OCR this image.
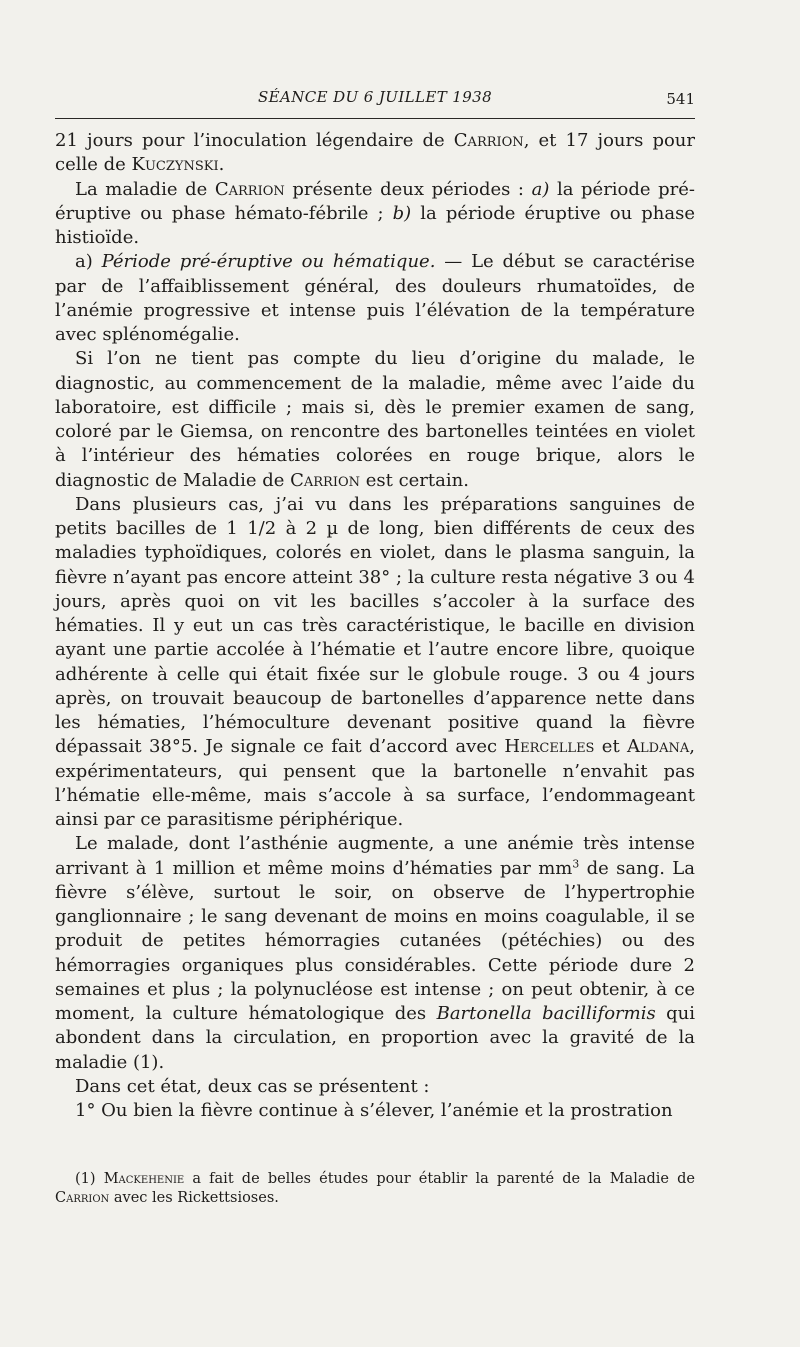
SÉANCE DU 6 JUILLET 1938	541

21 jours pour l’inoculation légendaire de Carrion, et 17 jours pour celle de Kuczynski.

La maladie de Carrion présente deux périodes : a) la période pré-éruptive ou phase hémato-fébrile ; b) la période éruptive ou phase histioïde.

a) Période pré-éruptive ou hématique. — Le début se caractérise par de l’affaiblissement général, des douleurs rhumatoïdes, de l’anémie progressive et intense puis l’élévation de la température avec splénomégalie.

Si l’on ne tient pas compte du lieu d’origine du malade, le diagnostic, au commencement de la maladie, même avec l’aide du laboratoire, est difficile ; mais si, dès le premier examen de sang, coloré par le Giemsa, on rencontre des bartonelles teintées en violet à l’intérieur des hématies colorées en rouge brique, alors le diagnostic de Maladie de Carrion est certain.

Dans plusieurs cas, j’ai vu dans les préparations sanguines de petits bacilles de 1 1/2 à 2 µ de long, bien différents de ceux des maladies typhoïdiques, colorés en violet, dans le plasma sanguin, la fièvre n’ayant pas encore atteint 38° ; la culture resta négative 3 ou 4 jours, après quoi on vit les bacilles s’accoler à la surface des hématies. Il y eut un cas très caractéristique, le bacille en division ayant une partie accolée à l’hématie et l’autre encore libre, quoique adhérente à celle qui était fixée sur le globule rouge. 3 ou 4 jours après, on trouvait beaucoup de bartonelles d’apparence nette dans les hématies, l’hémoculture devenant positive quand la fièvre dépassait 38°5. Je signale ce fait d’accord avec Hercelles et Aldana, expérimentateurs, qui pensent que la bartonelle n’envahit pas l’hématie elle-même, mais s’accole à sa surface, l’endommageant ainsi par ce parasitisme périphérique.

Le malade, dont l’asthénie augmente, a une anémie très intense arrivant à 1 million et même moins d’hématies par $mm^3$ de sang. La fièvre s’élève, surtout le soir, on observe de l’hypertrophie ganglionnaire ; le sang devenant de moins en moins coagulable, il se produit de petites hémorragies cutanées (pétéchies) ou des hémorragies organiques plus considérables. Cette période dure 2 semaines et plus ; la polynucléose est intense ; on peut obtenir, à ce moment, la culture hématologique des Bartonella bacilliformis qui abondent dans la circulation, en proportion avec la gravité de la maladie (1).

Dans cet état, deux cas se présentent :

1° Ou bien la fièvre continue à s’élever, l’anémie et la prostration

(1) Mackehenie a fait de belles études pour établir la parenté de la Maladie de Carrion avec les Rickettsioses.
